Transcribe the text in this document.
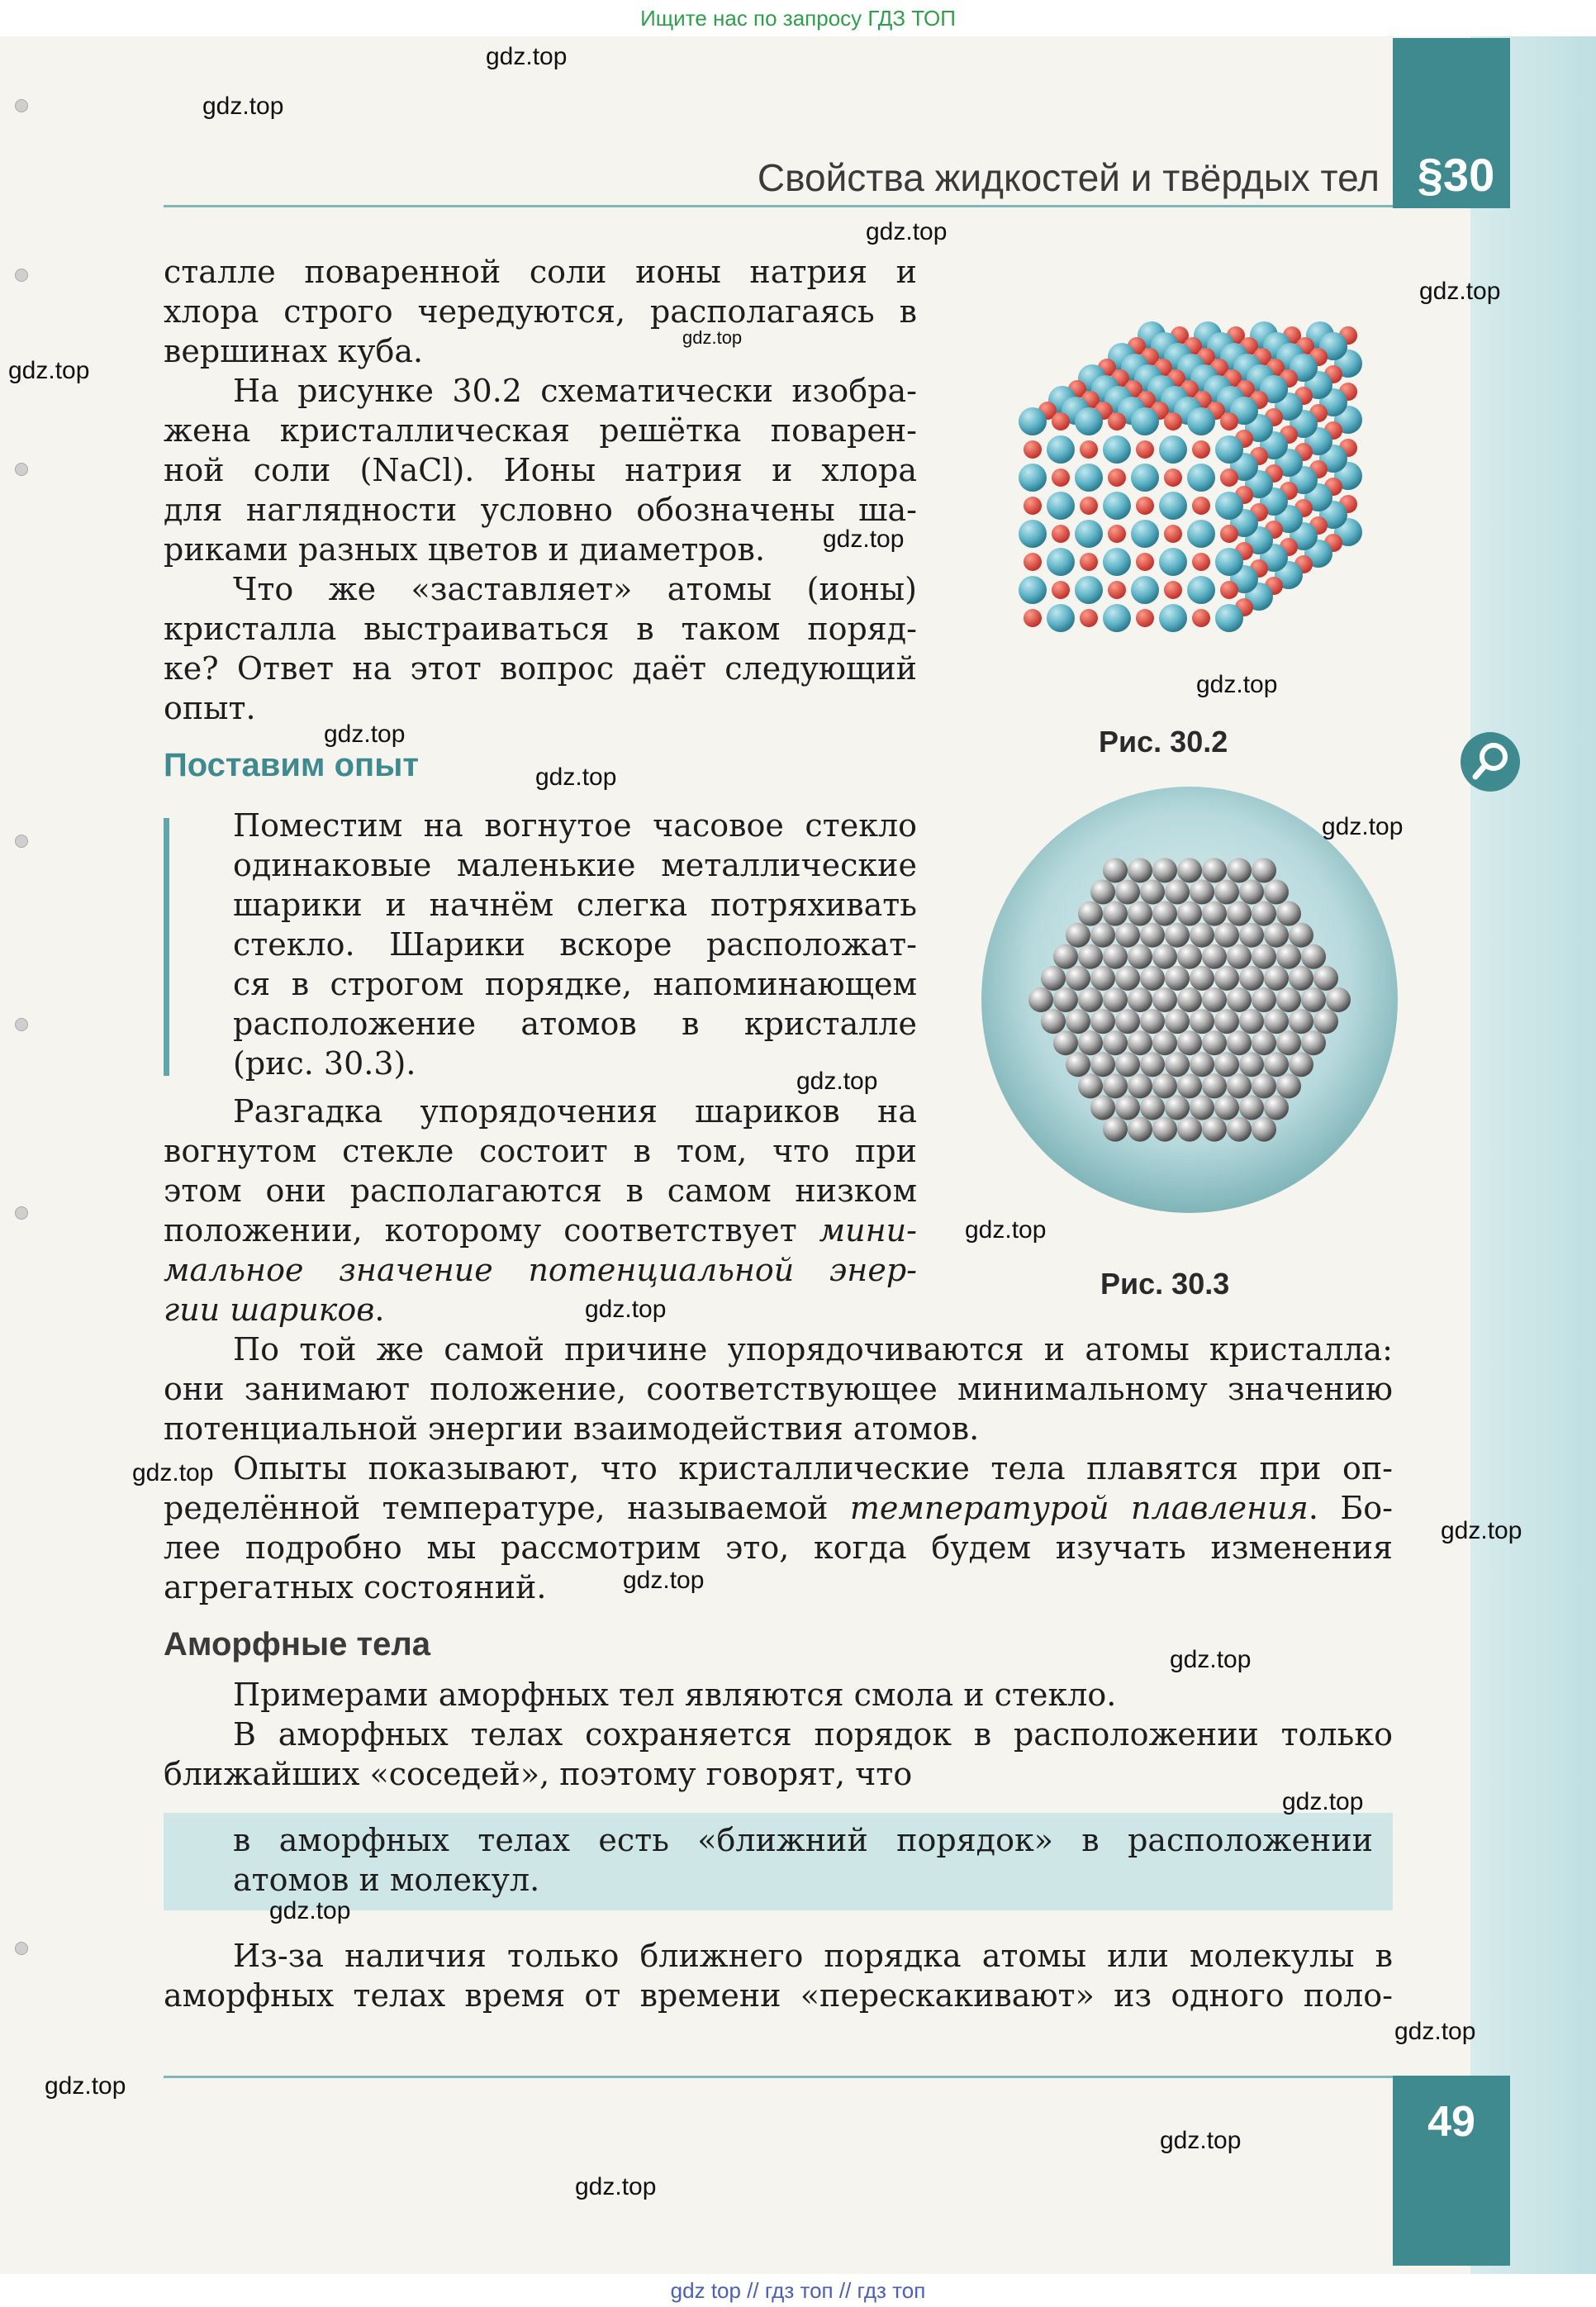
Ищите нас по запросу ГДЗ ТОП
§30
Свойства жидкостей и твёрдых тел

сталле поваренной соли ионы натрия и

хлора строго чередуются, располагаясь в

вершинах куба.

На рисунке 30.2 схематически изобра-

жена кристаллическая решётка поварен-

ной соли (NaCl). Ионы натрия и хлора

для наглядности условно обозначены ша-

риками разных цветов и диаметров.

Что же «заставляет» атомы (ионы)

кристалла выстраиваться в таком поряд-

ке? Ответ на этот вопрос даёт следующий

опыт.

Поставим опыт

Поместим на вогнутое часовое стекло

одинаковые маленькие металлические

шарики и начнём слегка потряхивать

стекло. Шарики вскоре расположат-

ся в строгом порядке, напоминающем

расположение атомов в кристалле

(рис. 30.3).

Разгадка упорядочения шариков на

вогнутом стекле состоит в том, что при

этом они располагаются в самом низком

положении, которому соответствует мини-

мальное значение потенциальной энер-

гии шариков.

По той же самой причине упорядочиваются и атомы кристалла:

они занимают положение, соответствующее минимальному значению

потенциальной энергии взаимодействия атомов.

Опыты показывают, что кристаллические тела плавятся при оп-

ределённой температуре, называемой температурой плавления. Бо-

лее подробно мы рассмотрим это, когда будем изучать изменения

агрегатных состояний.

Аморфные тела

Примерами аморфных тел являются смола и стекло.

В аморфных телах сохраняется порядок в расположении только

ближайших «соседей», поэтому говорят, что

в аморфных телах есть «ближний порядок» в расположении

атомов и молекул.

Из-за наличия только ближнего порядка атомы или молекулы в

аморфных телах время от времени «перескакивают» из одного поло-

Рис. 30.2
Рис. 30.3
49
gdz.top
gdz.top
gdz.top
gdz.top
gdz.top
gdz.top
gdz.top
gdz.top
gdz.top
gdz.top
gdz.top
gdz.top
gdz.top
gdz.top
gdz.top
gdz.top
gdz.top
gdz.top
gdz.top
gdz.top
gdz.top
gdz.top
gdz.top
gdz.top
gdz top // гдз топ // гдз топ
